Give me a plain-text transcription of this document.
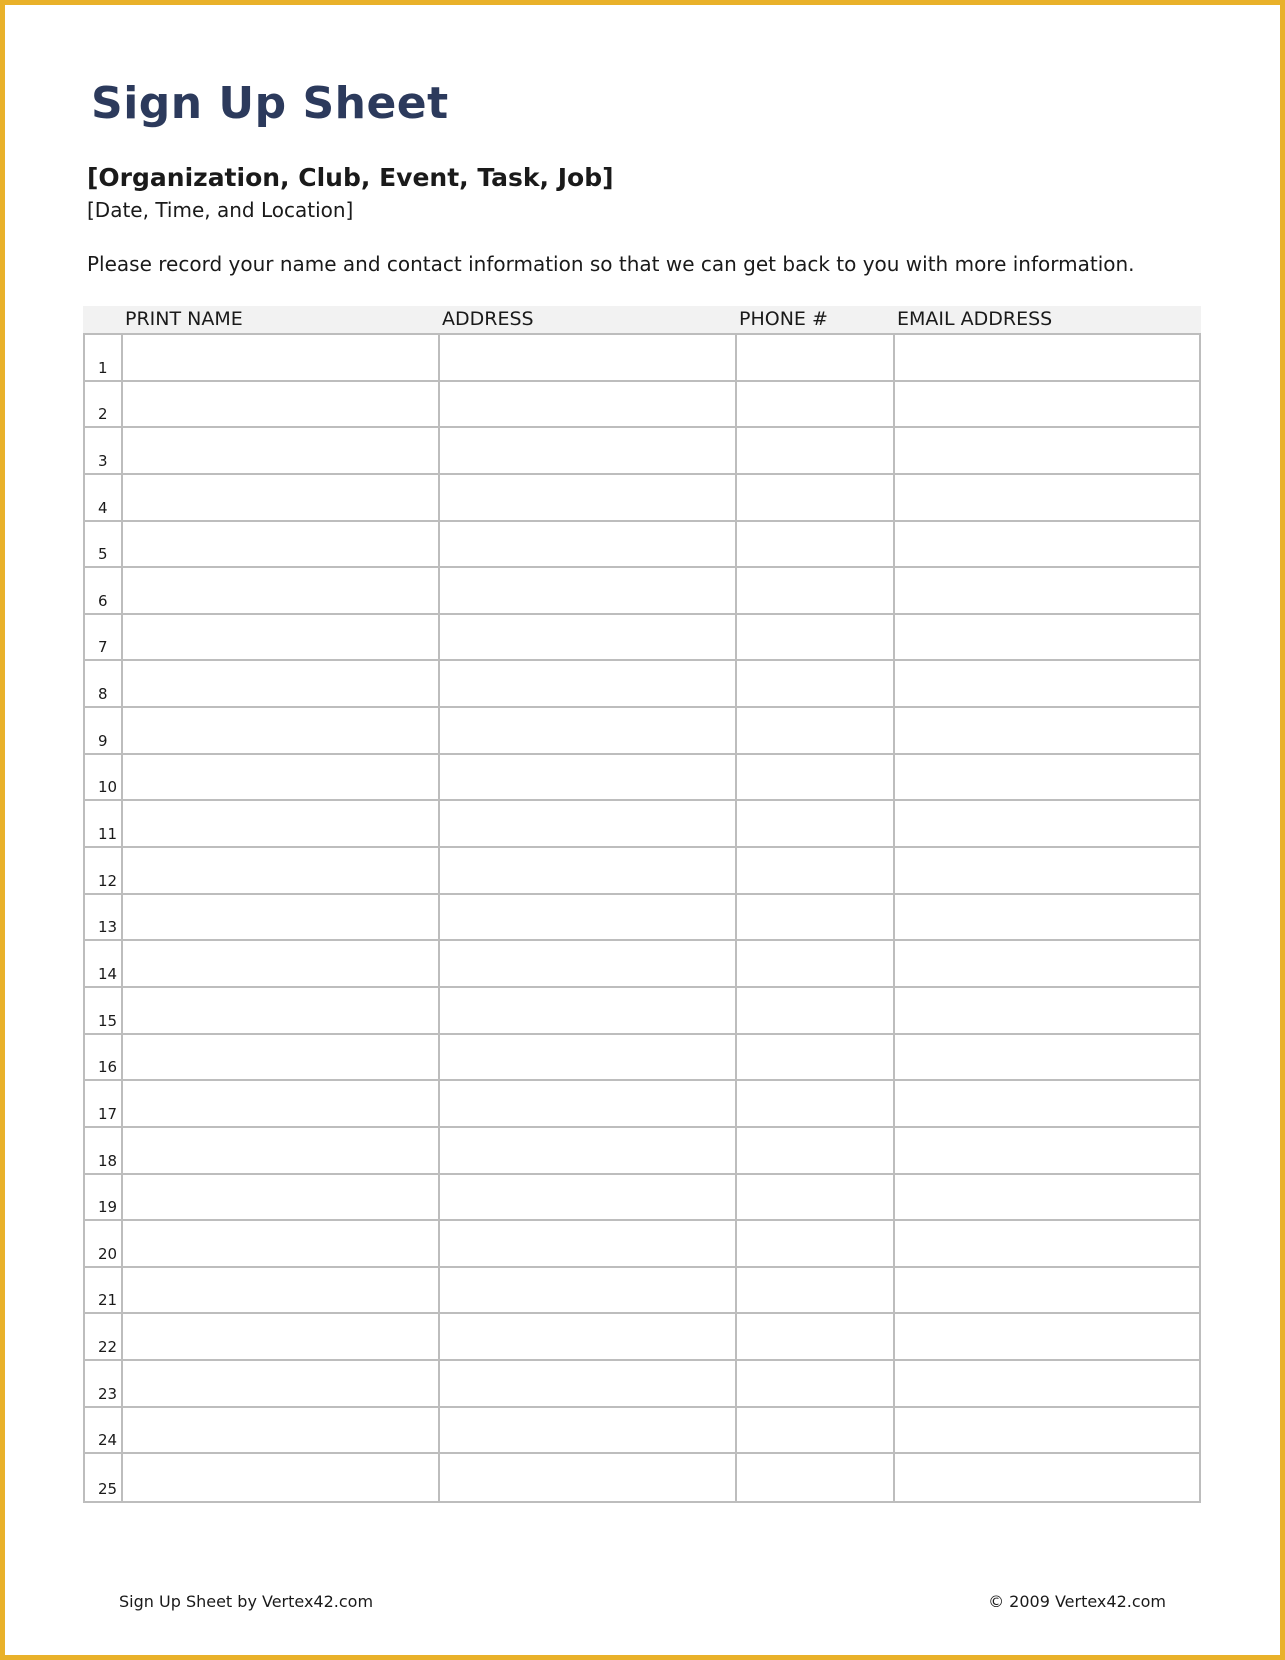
Sign Up Sheet
[Organization, Club, Event, Task, Job]
[Date, Time, and Location]
Please record your name and contact information so that we can get back to you with more information.
PRINT NAME	ADDRESS	PHONE #	EMAIL ADDRESS
1
2
3
4
5
6
7
8
9
10
11
12
13
14
15
16
17
18
19
20
21
22
23
24
25
Sign Up Sheet by Vertex42.com	© 2009 Vertex42.com
